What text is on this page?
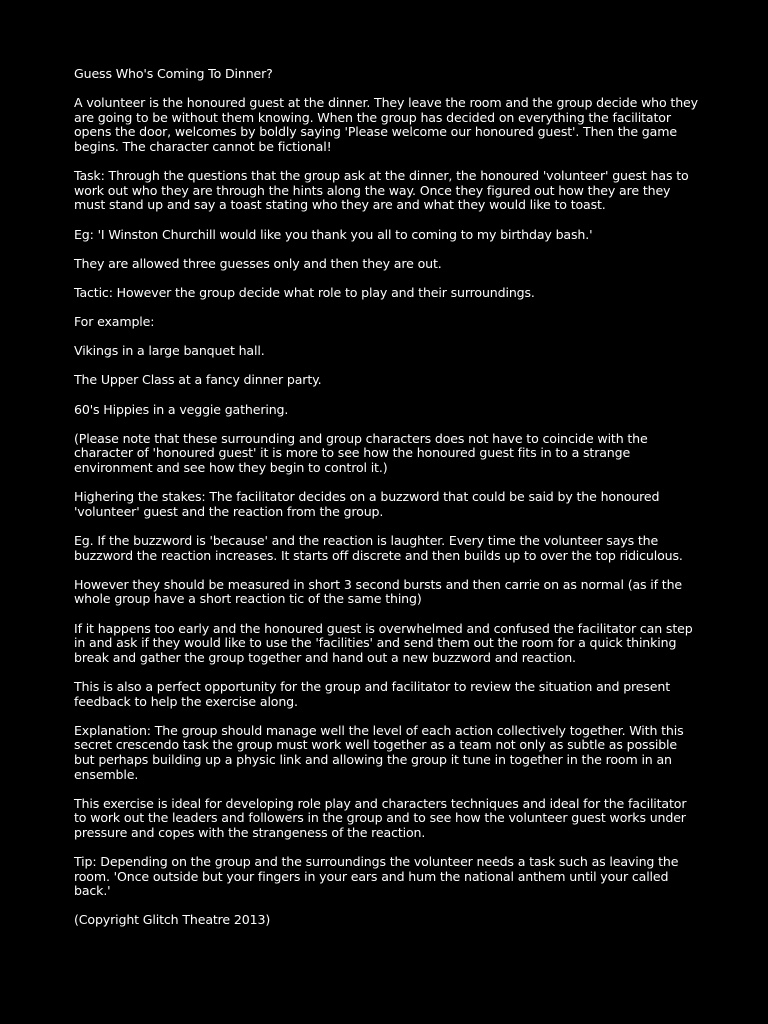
Guess Who's Coming To Dinner?

A volunteer is the honoured guest at the dinner. They leave the room and the group decide who they are going to be without them knowing. When the group has decided on everything the facilitator opens the door, welcomes by boldly saying 'Please welcome our honoured guest'. Then the game begins. The character cannot be fictional!

Task: Through the questions that the group ask at the dinner, the honoured 'volunteer' guest has to work out who they are through the hints along the way. Once they figured out how they are they must stand up and say a toast stating who they are and what they would like to toast.

Eg: 'I Winston Churchill would like you thank you all to coming to my birthday bash.'

They are allowed three guesses only and then they are out.

Tactic: However the group decide what role to play and their surroundings.

For example:

Vikings in a large banquet hall.

The Upper Class at a fancy dinner party.

60's Hippies in a veggie gathering.

(Please note that these surrounding and group characters does not have to coincide with the character of 'honoured guest' it is more to see how the honoured guest fits in to a strange environment and see how they begin to control it.)

Highering the stakes: The facilitator decides on a buzzword that could be said by the honoured 'volunteer' guest and the reaction from the group.

Eg. If the buzzword is 'because' and the reaction is laughter. Every time the volunteer says the buzzword the reaction increases. It starts off discrete and then builds up to over the top ridiculous.

However they should be measured in short 3 second bursts and then carrie on as normal (as if the whole group have a short reaction tic of the same thing)

If it happens too early and the honoured guest is overwhelmed and confused the facilitator can step in and ask if they would like to use the 'facilities' and send them out the room for a quick thinking break and gather the group together and hand out a new buzzword and reaction.

This is also a perfect opportunity for the group and facilitator to review the situation and present feedback to help the exercise along.

Explanation: The group should manage well the level of each action collectively together. With this secret crescendo task the group must work well together as a team not only as subtle as possible but perhaps building up a physic link and allowing the group it tune in together in the room in an ensemble.

This exercise is ideal for developing role play and characters techniques and ideal for the facilitator to work out the leaders and followers in the group and to see how the volunteer guest works under pressure and copes with the strangeness of the reaction.

Tip: Depending on the group and the surroundings the volunteer needs a task such as leaving the room. 'Once outside but your fingers in your ears and hum the national anthem until your called back.'

(Copyright Glitch Theatre 2013)
